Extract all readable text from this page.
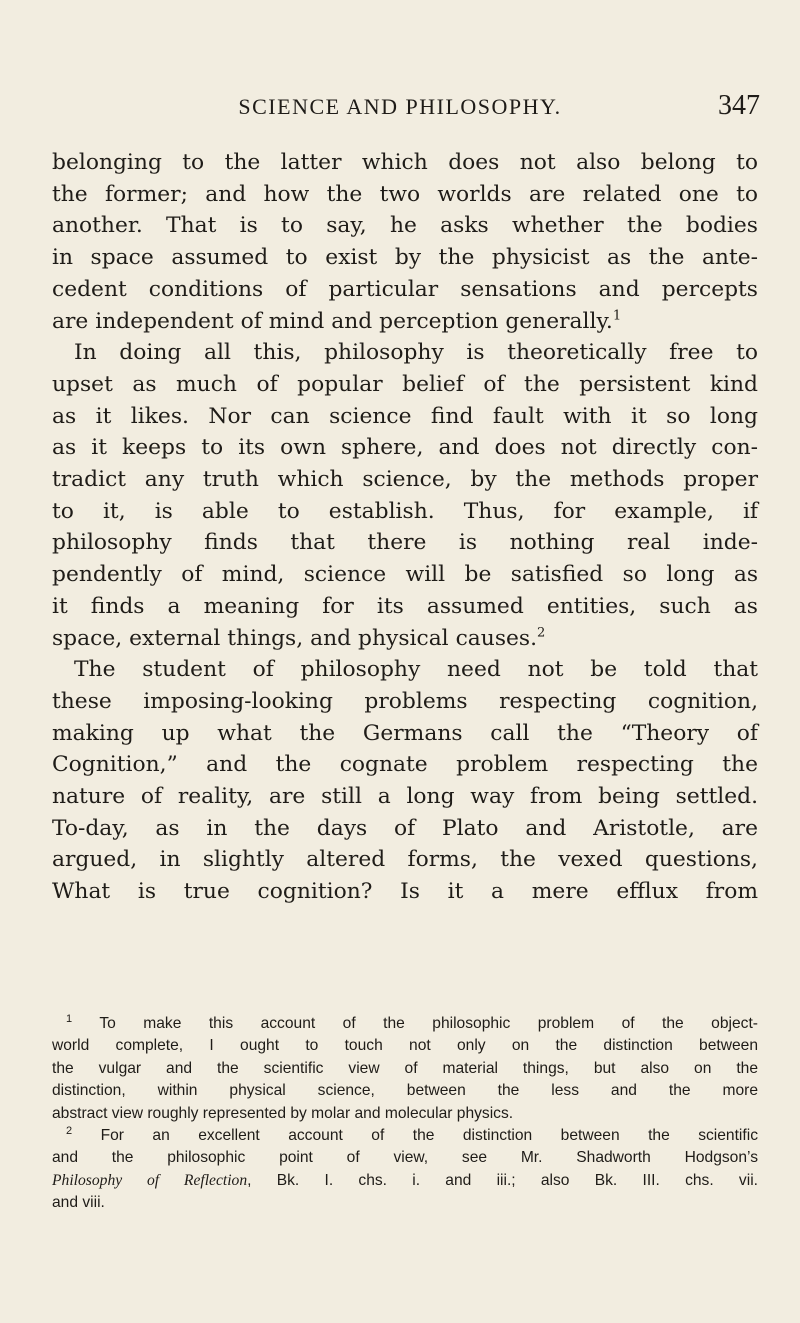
SCIENCE AND PHILOSOPHY.	347
belonging to the latter which does not also belong to
the former; and how the two worlds are related one to
another. That is to say, he asks whether the bodies
in space assumed to exist by the physicist as the ante-
cedent conditions of particular sensations and percepts
are independent of mind and perception generally.$^1$
In doing all this, philosophy is theoretically free to
upset as much of popular belief of the persistent kind
as it likes. Nor can science find fault with it so long
as it keeps to its own sphere, and does not directly con-
tradict any truth which science, by the methods proper
to it, is able to establish. Thus, for example, if
philosophy finds that there is nothing real inde-
pendently of mind, science will be satisfied so long as
it finds a meaning for its assumed entities, such as
space, external things, and physical causes.$^2$
The student of philosophy need not be told that
these imposing-looking problems respecting cognition,
making up what the Germans call the “Theory of
Cognition,” and the cognate problem respecting the
nature of reality, are still a long way from being settled.
To-day, as in the days of Plato and Aristotle, are
argued, in slightly altered forms, the vexed questions,
What is true cognition? Is it a mere efflux from
$^1$ To make this account of the philosophic problem of the object-
world complete, I ought to touch not only on the distinction between
the vulgar and the scientific view of material things, but also on the
distinction, within physical science, between the less and the more
abstract view roughly represented by molar and molecular physics.
$^2$ For an excellent account of the distinction between the scientific
and the philosophic point of view, see Mr. Shadworth Hodgson’s
Philosophy of Reflection, Bk. I. chs. i. and iii.; also Bk. III. chs. vii.
and viii.
